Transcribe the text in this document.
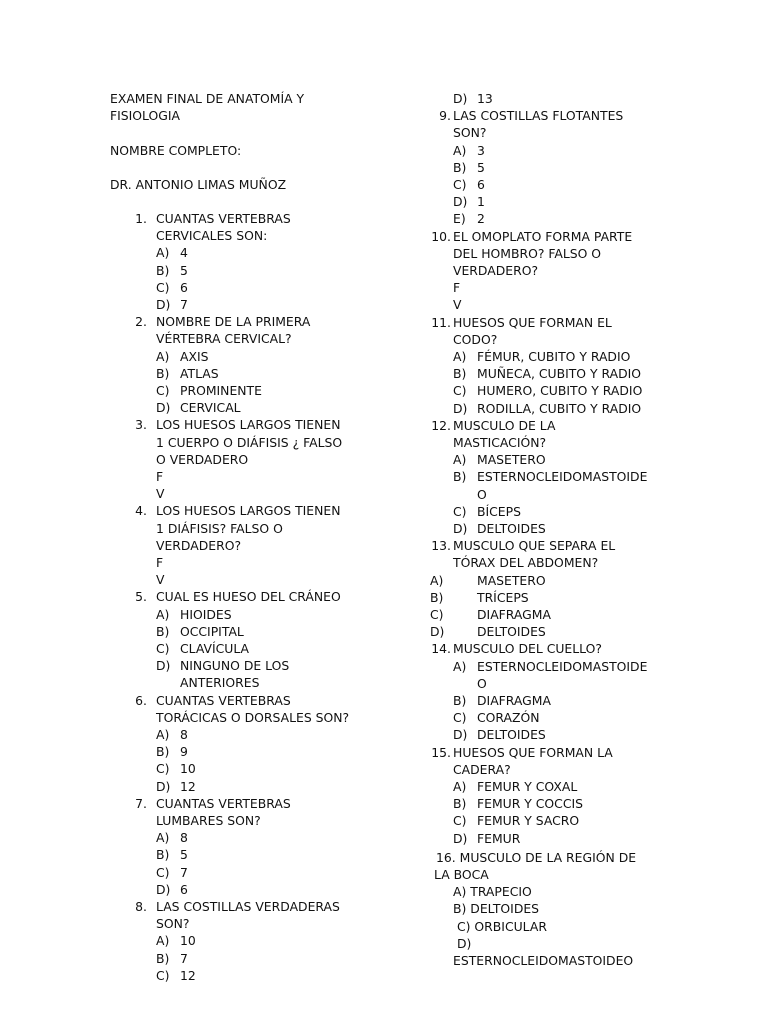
EXAMEN FINAL DE ANATOMÍA Y
FISIOLOGIA
NOMBRE COMPLETO:
DR. ANTONIO LIMAS MUÑOZ
1. CUANTAS VERTEBRAS
CERVICALES SON:
A) 4
B) 5
C) 6
D) 7
2. NOMBRE DE LA PRIMERA
VÉRTEBRA CERVICAL?
A) AXIS
B) ATLAS
C) PROMINENTE
D) CERVICAL
3. LOS HUESOS LARGOS TIENEN
1 CUERPO O DIÁFISIS ¿ FALSO
O VERDADERO
F
V
4. LOS HUESOS LARGOS TIENEN
1 DIÁFISIS? FALSO O
VERDADERO?
F
V
5. CUAL ES HUESO DEL CRÁNEO
A) HIOIDES
B) OCCIPITAL
C) CLAVÍCULA
D) NINGUNO DE LOS
ANTERIORES
6. CUANTAS VERTEBRAS
TORÁCICAS O DORSALES SON?
A) 8
B) 9
C) 10
D) 12
7. CUANTAS VERTEBRAS
LUMBARES SON?
A) 8
B) 5
C) 7
D) 6
8. LAS COSTILLAS VERDADERAS
SON?
A) 10
B) 7
C) 12
D) 13
9. LAS COSTILLAS FLOTANTES
SON?
A) 3
B) 5
C) 6
D) 1
E) 2
10. EL OMOPLATO FORMA PARTE
DEL HOMBRO? FALSO O
VERDADERO?
F
V
11. HUESOS QUE FORMAN EL
CODO?
A) FÉMUR, CUBITO Y RADIO
B) MUÑECA, CUBITO Y RADIO
C) HUMERO, CUBITO Y RADIO
D) RODILLA, CUBITO Y RADIO
12. MUSCULO DE LA
MASTICACIÓN?
A) MASETERO
B) ESTERNOCLEIDOMASTOIDE
O
C) BÍCEPS
D) DELTOIDES
13. MUSCULO QUE SEPARA EL
TÓRAX DEL ABDOMEN?
A)	MASETERO
B)	TRÍCEPS
C)	DIAFRAGMA
D)	DELTOIDES
14. MUSCULO DEL CUELLO?
A) ESTERNOCLEIDOMASTOIDE
O
B) DIAFRAGMA
C) CORAZÓN
D) DELTOIDES
15. HUESOS QUE FORMAN LA
CADERA?
A) FEMUR Y COXAL
B) FEMUR Y COCCIS
C) FEMUR Y SACRO
D) FEMUR
16. MUSCULO DE LA REGIÓN DE
LA BOCA
A) TRAPECIO
B) DELTOIDES
C) ORBICULAR
D)
ESTERNOCLEIDOMASTOIDEO
